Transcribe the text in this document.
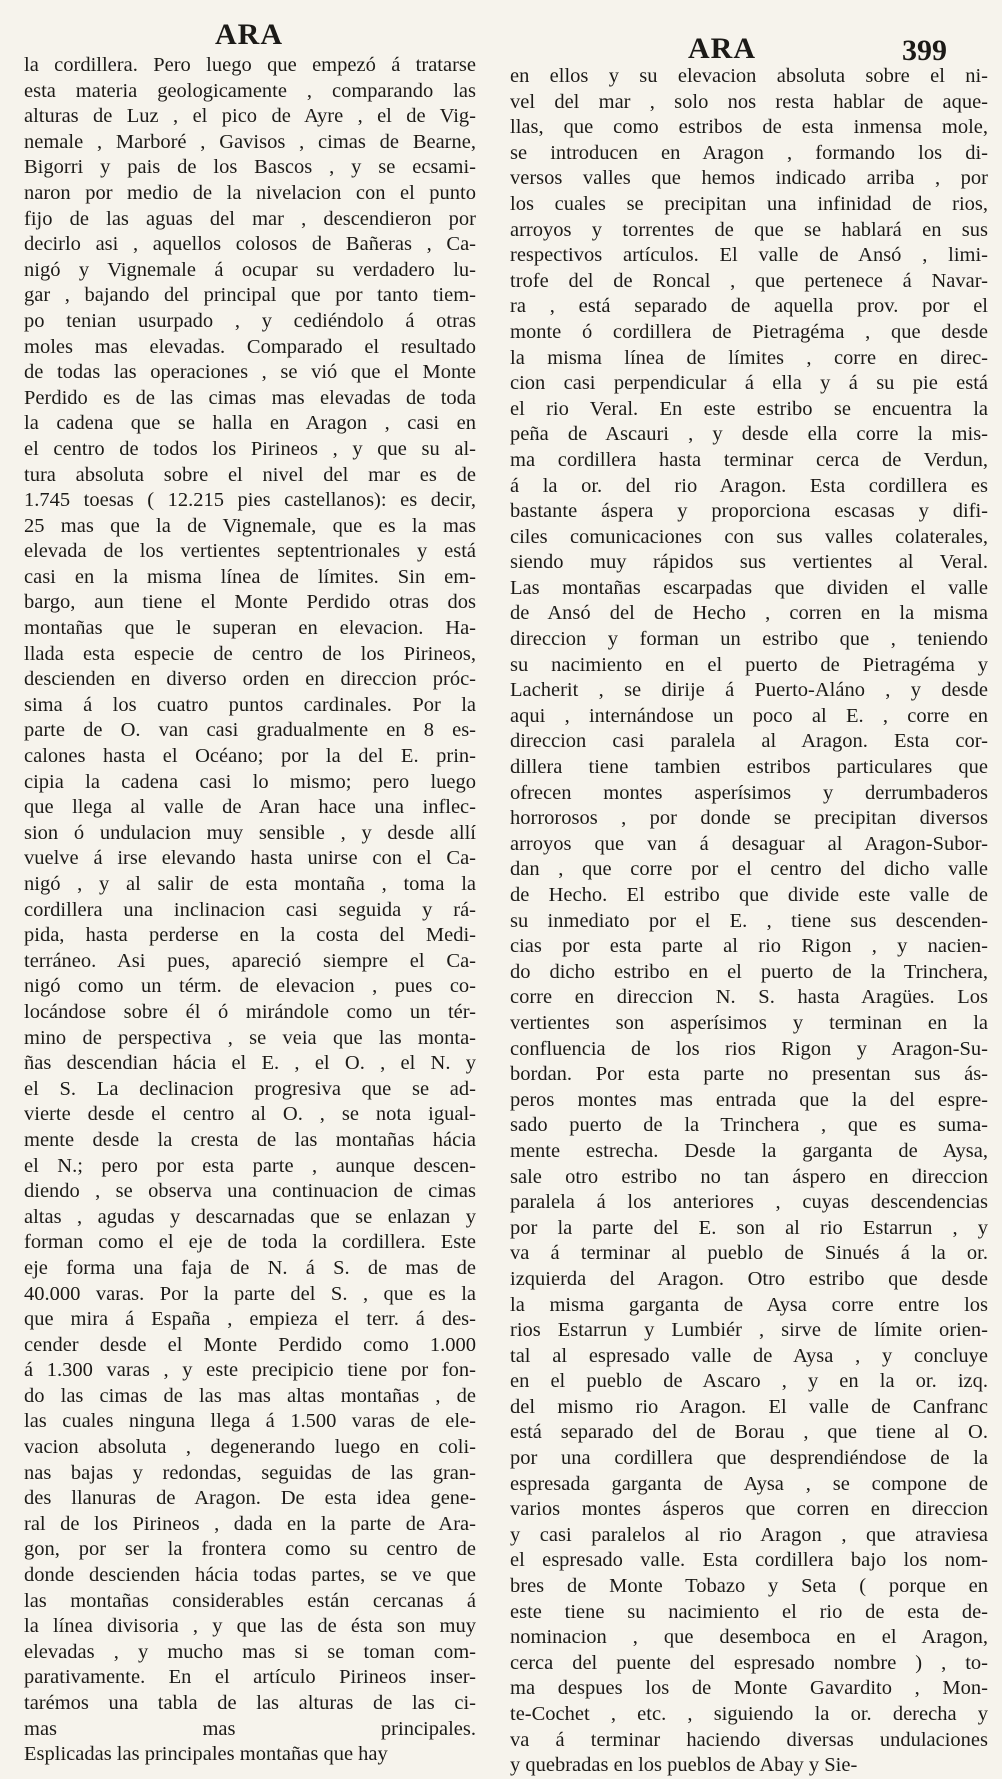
ARA	ARA	399
la cordillera. Pero luego que empezó á tratarse
esta materia geologicamente , comparando las
alturas de Luz , el pico de Ayre , el de Vig-
nemale , Marboré , Gavisos , cimas de Bearne,
Bigorri y pais de los Bascos , y se ecsami-
naron por medio de la nivelacion con el punto
fijo de las aguas del mar , descendieron por
decirlo asi , aquellos colosos de Bañeras , Ca-
nigó y Vignemale á ocupar su verdadero lu-
gar , bajando del principal que por tanto tiem-
po tenian usurpado , y cediéndolo á otras
moles mas elevadas. Comparado el resultado
de todas las operaciones , se vió que el Monte
Perdido es de las cimas mas elevadas de toda
la cadena que se halla en Aragon , casi en
el centro de todos los Pirineos , y que su al-
tura absoluta sobre el nivel del mar es de
1.745 toesas ( 12.215 pies castellanos): es decir,
25 mas que la de Vignemale, que es la mas
elevada de los vertientes septentrionales y está
casi en la misma línea de límites. Sin em-
bargo, aun tiene el Monte Perdido otras dos
montañas que le superan en elevacion. Ha-
llada esta especie de centro de los Pirineos,
descienden en diverso orden en direccion próc-
sima á los cuatro puntos cardinales. Por la
parte de O. van casi gradualmente en 8 es-
calones hasta el Océano; por la del E. prin-
cipia la cadena casi lo mismo; pero luego
que llega al valle de Aran hace una inflec-
sion ó undulacion muy sensible , y desde allí
vuelve á irse elevando hasta unirse con el Ca-
nigó , y al salir de esta montaña , toma la
cordillera una inclinacion casi seguida y rá-
pida, hasta perderse en la costa del Medi-
terráneo. Asi pues, apareció siempre el Ca-
nigó como un térm. de elevacion , pues co-
locándose sobre él ó mirándole como un tér-
mino de perspectiva , se veia que las monta-
ñas descendian hácia el E. , el O. , el N. y
el S. La declinacion progresiva que se ad-
vierte desde el centro al O. , se nota igual-
mente desde la cresta de las montañas hácia
el N.; pero por esta parte , aunque descen-
diendo , se observa una continuacion de cimas
altas , agudas y descarnadas que se enlazan y
forman como el eje de toda la cordillera. Este
eje forma una faja de N. á S. de mas de
40.000 varas. Por la parte del S. , que es la
que mira á España , empieza el terr. á des-
cender desde el Monte Perdido como 1.000
á 1.300 varas , y este precipicio tiene por fon-
do las cimas de las mas altas montañas , de
las cuales ninguna llega á 1.500 varas de ele-
vacion absoluta , degenerando luego en coli-
nas bajas y redondas, seguidas de las gran-
des llanuras de Aragon. De esta idea gene-
ral de los Pirineos , dada en la parte de Ara-
gon, por ser la frontera como su centro de
donde descienden hácia todas partes, se ve que
las montañas considerables están cercanas á
la línea divisoria , y que las de ésta son muy
elevadas , y mucho mas si se toman com-
parativamente. En el artículo Pirineos inser-
tarémos una tabla de las alturas de las ci-
mas mas principales.
Esplicadas las principales montañas que hay
en ellos y su elevacion absoluta sobre el ni-
vel del mar , solo nos resta hablar de aque-
llas, que como estribos de esta inmensa mole,
se introducen en Aragon , formando los di-
versos valles que hemos indicado arriba , por
los cuales se precipitan una infinidad de rios,
arroyos y torrentes de que se hablará en sus
respectivos artículos. El valle de Ansó , limi-
trofe del de Roncal , que pertenece á Navar-
ra , está separado de aquella prov. por el
monte ó cordillera de Pietragéma , que desde
la misma línea de límites , corre en direc-
cion casi perpendicular á ella y á su pie está
el rio Veral. En este estribo se encuentra la
peña de Ascauri , y desde ella corre la mis-
ma cordillera hasta terminar cerca de Verdun,
á la or. del rio Aragon. Esta cordillera es
bastante áspera y proporciona escasas y difi-
ciles comunicaciones con sus valles colaterales,
siendo muy rápidos sus vertientes al Veral.
Las montañas escarpadas que dividen el valle
de Ansó del de Hecho , corren en la misma
direccion y forman un estribo que , teniendo
su nacimiento en el puerto de Pietragéma y
Lacherit , se dirije á Puerto-Aláno , y desde
aqui , internándose un poco al E. , corre en
direccion casi paralela al Aragon. Esta cor-
dillera tiene tambien estribos particulares que
ofrecen montes asperísimos y derrumbaderos
horrorosos , por donde se precipitan diversos
arroyos que van á desaguar al Aragon-Subor-
dan , que corre por el centro del dicho valle
de Hecho. El estribo que divide este valle de
su inmediato por el E. , tiene sus descenden-
cias por esta parte al rio Rigon , y nacien-
do dicho estribo en el puerto de la Trinchera,
corre en direccion N. S. hasta Aragües. Los
vertientes son asperísimos y terminan en la
confluencia de los rios Rigon y Aragon-Su-
bordan. Por esta parte no presentan sus ás-
peros montes mas entrada que la del espre-
sado puerto de la Trinchera , que es suma-
mente estrecha. Desde la garganta de Aysa,
sale otro estribo no tan áspero en direccion
paralela á los anteriores , cuyas descendencias
por la parte del E. son al rio Estarrun , y
va á terminar al pueblo de Sinués á la or.
izquierda del Aragon. Otro estribo que desde
la misma garganta de Aysa corre entre los
rios Estarrun y Lumbiér , sirve de límite orien-
tal al espresado valle de Aysa , y concluye
en el pueblo de Ascaro , y en la or. izq.
del mismo rio Aragon. El valle de Canfranc
está separado del de Borau , que tiene al O.
por una cordillera que desprendiéndose de la
espresada garganta de Aysa , se compone de
varios montes ásperos que corren en direccion
y casi paralelos al rio Aragon , que atraviesa
el espresado valle. Esta cordillera bajo los nom-
bres de Monte Tobazo y Seta ( porque en
este tiene su nacimiento el rio de esta de-
nominacion , que desemboca en el Aragon,
cerca del puente del espresado nombre ) , to-
ma despues los de Monte Gavardito , Mon-
te-Cochet , etc. , siguiendo la or. derecha y
va á terminar haciendo diversas undulaciones
y quebradas en los pueblos de Abay y Sie-
